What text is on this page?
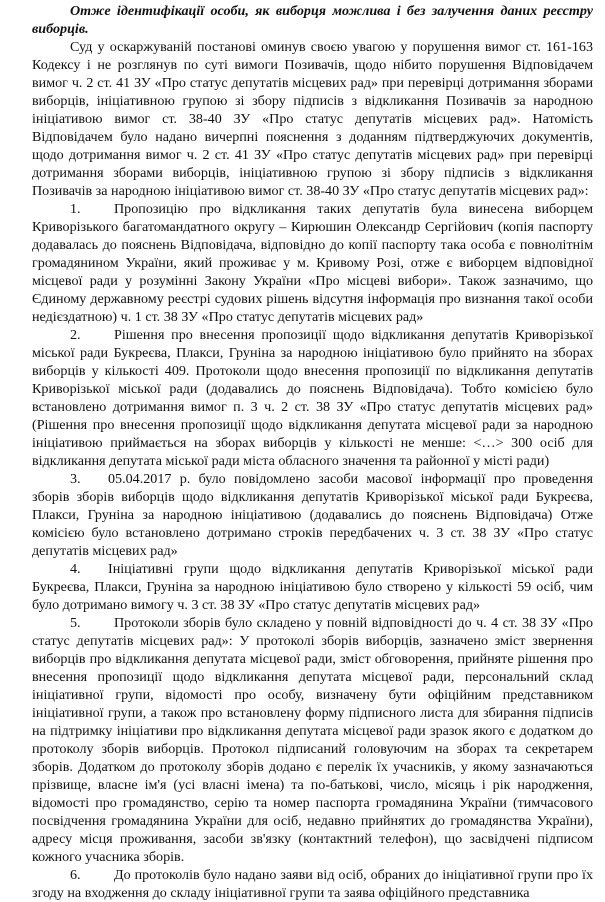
Отже ідентифікації особи, як виборця можлива і без залучення даних реєстру виборців.

Суд у оскаржуваній постанові оминув своєю увагою у порушення вимог ст. 161-163 Кодексу і не розглянув по суті вимоги Позивачів, щодо нібито порушення Відповідачем вимог ч. 2 ст. 41 ЗУ «Про статус депутатів місцевих рад» при перевірці дотримання зборами виборців, ініціативною групою зі збору підписів з відкликання Позивачів за народною ініціативою вимог ст. 38-40 ЗУ «Про статус депутатів місцевих рад». Натомість Відповідачем було надано вичерпні пояснення з доданням підтверджуючих документів, щодо дотримання вимог ч. 2 ст. 41 ЗУ «Про статус депутатів місцевих рад» при перевірці дотримання зборами виборців, ініціативною групою зі збору підписів з відкликання Позивачів за народною ініціативою вимог ст. 38-40 ЗУ «Про статус депутатів місцевих рад»:

1. Пропозицію про відкликання таких депутатів була винесена виборцем Криворізького багатомандатного округу – Кирюшин Олександр Сергійович (копія паспорту додавалась до пояснень Відповідача, відповідно до копії паспорту така особа є повнолітнім громадянином України, який проживає у м. Кривому Розі, отже є виборцем відповідної місцевої ради у розумінні Закону України «Про місцеві вибори». Також зазначимо, що Єдиному державному реєстрі судових рішень відсутня інформація про визнання такої особи недієздатною) ч. 1 ст. 38 ЗУ «Про статус депутатів місцевих рад»

2. Рішення про внесення пропозиції щодо відкликання депутатів Криворізької міської ради Букреєва, Плакси, Груніна за народною ініціативою було прийнято на зборах виборців у кількості 409. Протоколи щодо внесення пропозиції по відкликання депутатів Криворізької міської ради (додавались до пояснень Відповідача). Тобто комісією було встановлено дотримання вимог п. 3 ч. 2 ст. 38 ЗУ «Про статус депутатів місцевих рад» (Рішення про внесення пропозиції щодо відкликання депутата місцевої ради за народною ініціативою приймається на зборах виборців у кількості не менше: <…> 300 осіб для відкликання депутата міської ради міста обласного значення та районної у місті ради)

3. 05.04.2017 р. було повідомлено засоби масової інформації про проведення зборів зборів виборців щодо відкликання депутатів Криворізької міської ради Букреєва, Плакси, Груніна за народною ініціативою (додавались до пояснень Відповідача) Отже комісією було встановлено дотримано строків передбачених ч. 3 ст. 38 ЗУ «Про статус депутатів місцевих рад»

4. Ініціативні групи щодо відкликання депутатів Криворізької міської ради Букреєва, Плакси, Груніна за народною ініціативою було створено у кількості 59 осіб, чим було дотримано вимогу ч. 3 ст. 38 ЗУ «Про статус депутатів місцевих рад»

5. Протоколи зборів було складено у повній відповідності до ч. 4 ст. 38 ЗУ «Про статус депутатів місцевих рад»: У протоколі зборів виборців, зазначено зміст звернення виборців про відкликання депутата місцевої ради, зміст обговорення, прийняте рішення про внесення пропозиції щодо відкликання депутата місцевої ради, персональний склад ініціативної групи, відомості про особу, визначену бути офіційним представником ініціативної групи, а також про встановлену форму підписного листа для збирання підписів на підтримку ініціативи про відкликання депутата місцевої ради зразок якого є додатком до протоколу зборів виборців. Протокол підписаний головуючим на зборах та секретарем зборів. Додатком до протоколу зборів додано є перелік їх учасників, у якому зазначаються прізвище, власне ім'я (усі власні імена) та по-батькові, число, місяць і рік народження, відомості про громадянство, серію та номер паспорта громадянина України (тимчасового посвідчення громадянина України для осіб, недавно прийнятих до громадянства України), адресу місця проживання, засоби зв'язку (контактний телефон), що засвідчені підписом кожного учасника зборів.

6. До протоколів було надано заяви від осіб, обраних до ініціативної групи про їх згоду на входження до складу ініціативної групи та заява офіційного представника
